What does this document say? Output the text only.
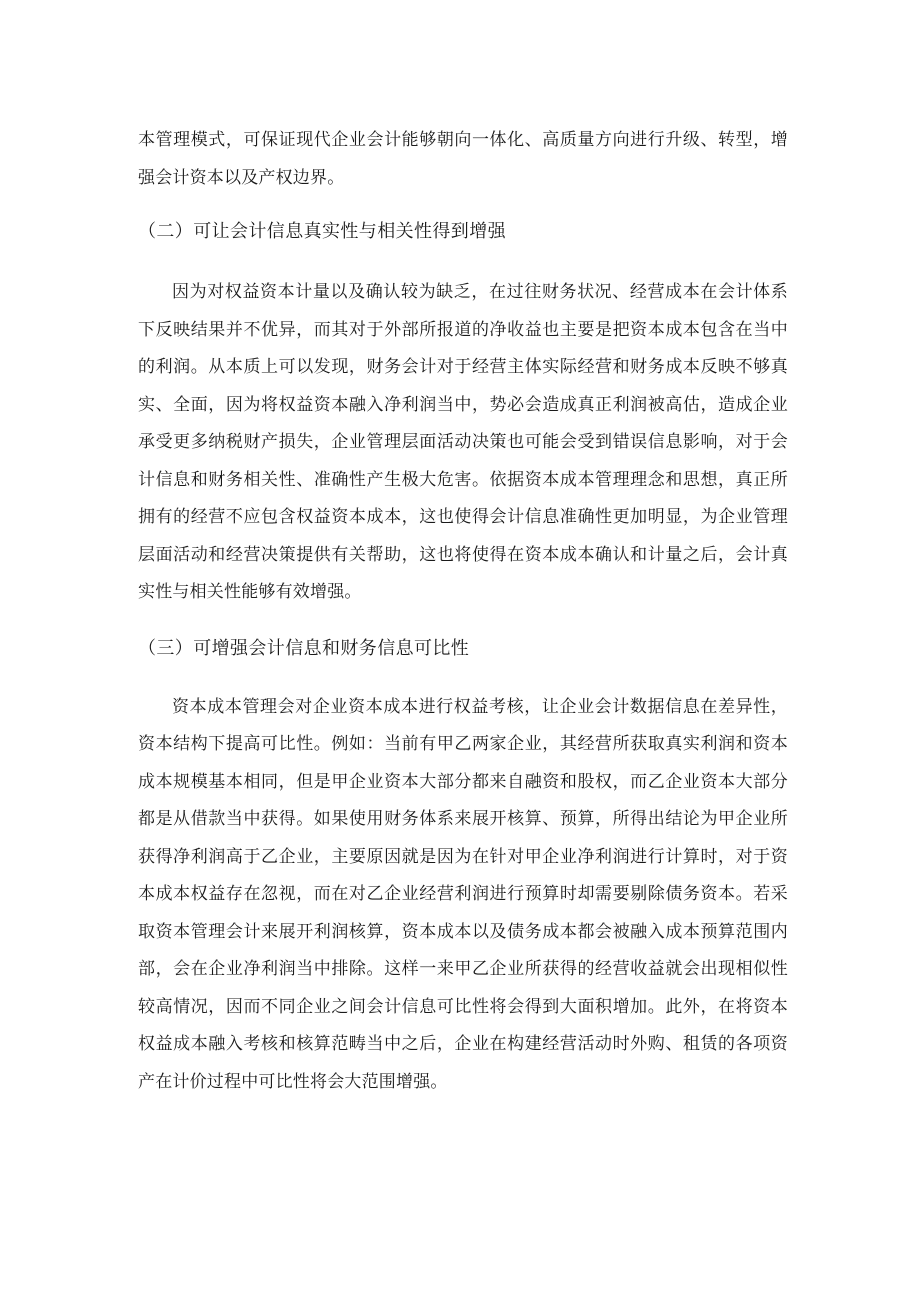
本管理模式，可保证现代企业会计能够朝向一体化、高质量方向进行升级、转型，增强会计资本以及产权边界。

（二）可让会计信息真实性与相关性得到增强

因为对权益资本计量以及确认较为缺乏，在过往财务状况、经营成本在会计体系下反映结果并不优异，而其对于外部所报道的净收益也主要是把资本成本包含在当中的利润。从本质上可以发现，财务会计对于经营主体实际经营和财务成本反映不够真实、全面，因为将权益资本融入净利润当中，势必会造成真正利润被高估，造成企业承受更多纳税财产损失，企业管理层面活动决策也可能会受到错误信息影响，对于会计信息和财务相关性、准确性产生极大危害。依据资本成本管理理念和思想，真正所拥有的经营不应包含权益资本成本，这也使得会计信息准确性更加明显，为企业管理层面活动和经营决策提供有关帮助，这也将使得在资本成本确认和计量之后，会计真实性与相关性能够有效增强。

（三）可增强会计信息和财务信息可比性

资本成本管理会对企业资本成本进行权益考核，让企业会计数据信息在差异性，资本结构下提高可比性。例如：当前有甲乙两家企业，其经营所获取真实利润和资本成本规模基本相同，但是甲企业资本大部分都来自融资和股权，而乙企业资本大部分都是从借款当中获得。如果使用财务体系来展开核算、预算，所得出结论为甲企业所获得净利润高于乙企业，主要原因就是因为在针对甲企业净利润进行计算时，对于资本成本权益存在忽视，而在对乙企业经营利润进行预算时却需要剔除债务资本。若采取资本管理会计来展开利润核算，资本成本以及债务成本都会被融入成本预算范围内部，会在企业净利润当中排除。这样一来甲乙企业所获得的经营收益就会出现相似性较高情况，因而不同企业之间会计信息可比性将会得到大面积增加。此外，在将资本权益成本融入考核和核算范畴当中之后，企业在构建经营活动时外购、租赁的各项资产在计价过程中可比性将会大范围增强。
